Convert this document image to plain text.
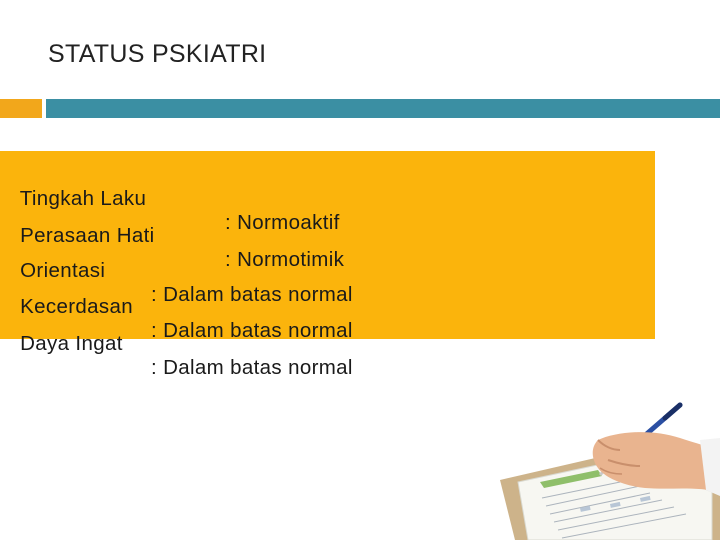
STATUS PSKIATRI

Tingkah Laku

: Normoaktif

Perasaan Hati

: Normotimik

Orientasi

: Dalam batas normal

Kecerdasan

: Dalam batas normal

Daya Ingat

: Dalam batas normal
